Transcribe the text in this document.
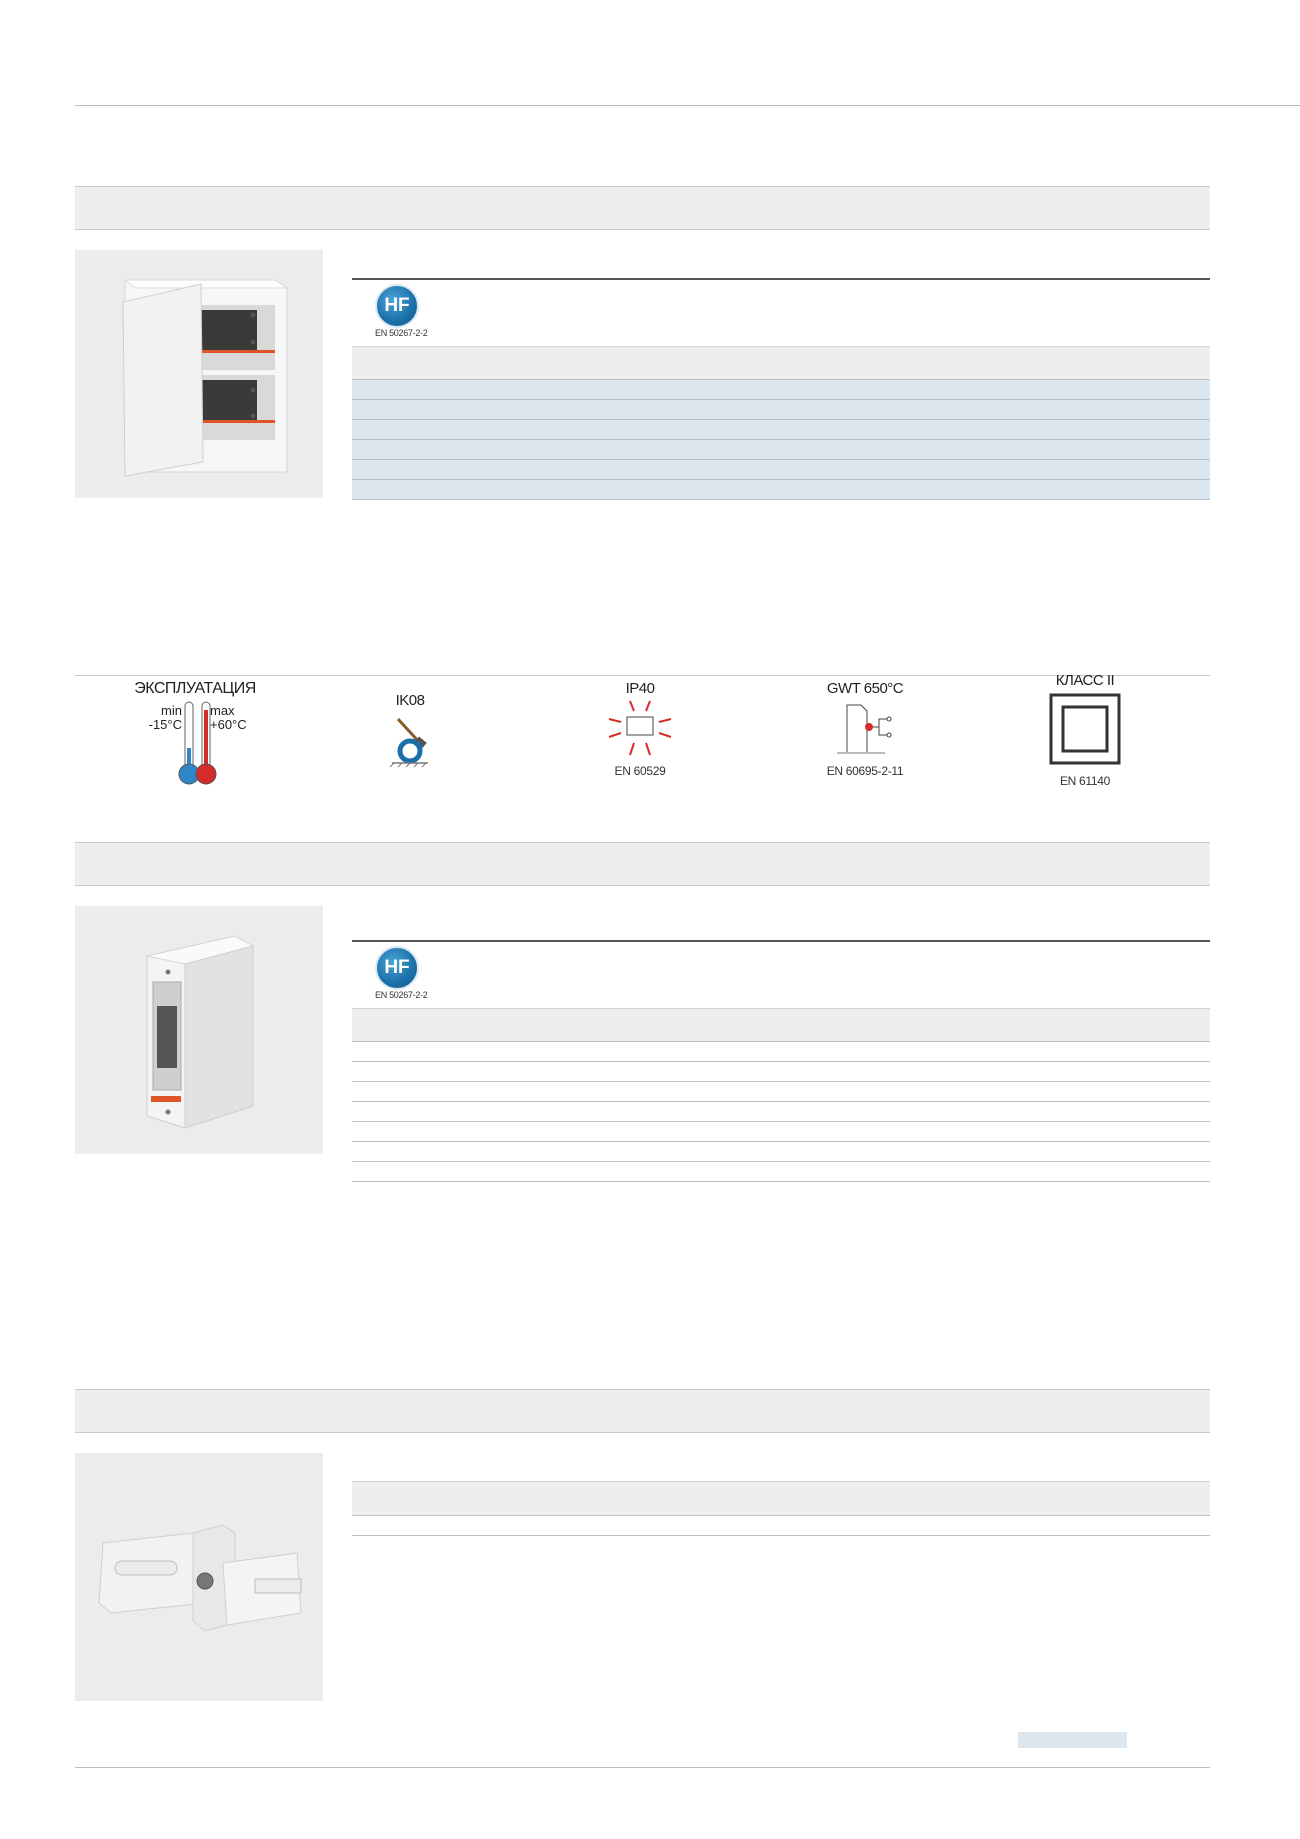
HF
EN 50267-2-2
ЭКСПЛУАТАЦИЯ
min
-15°C
max
+60°C
IK08
IP40
EN 60529
GWT 650°C
EN 60695-2-11
КЛАСС II
EN 61140
HF
EN 50267-2-2
